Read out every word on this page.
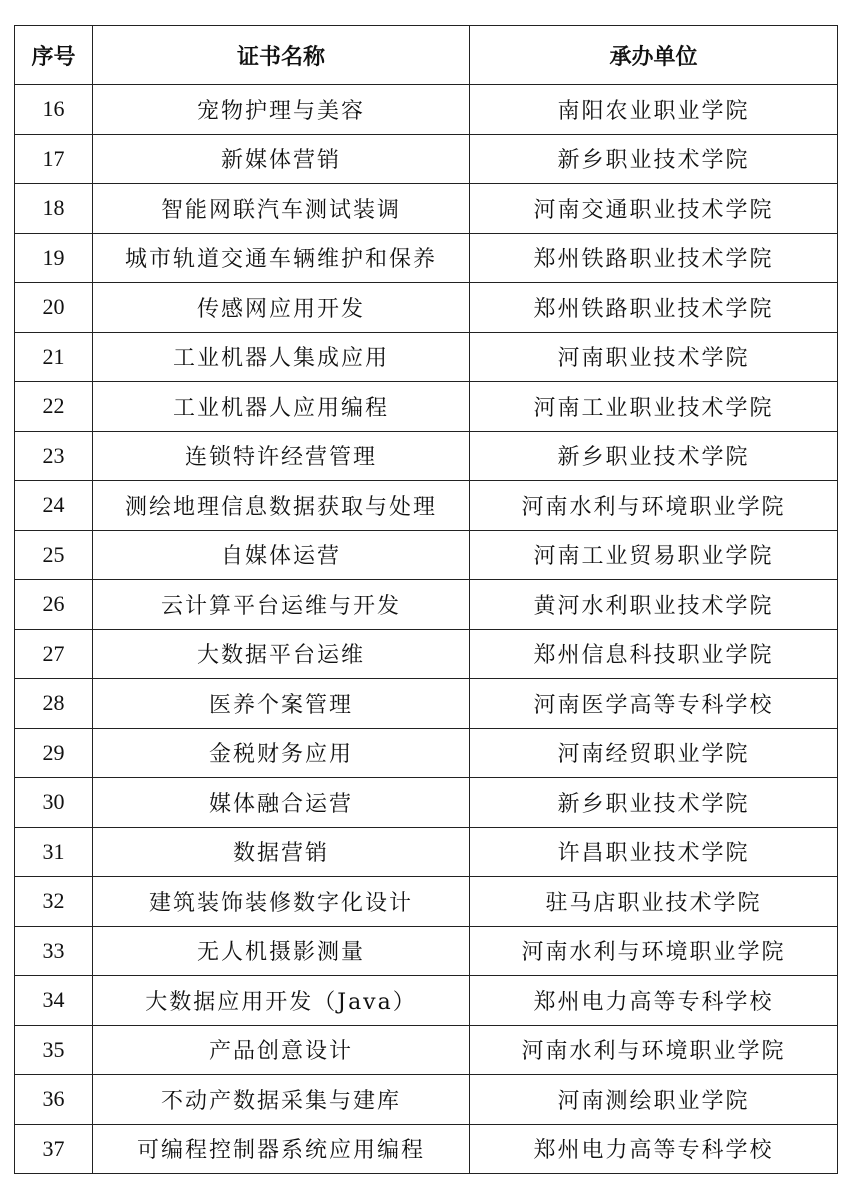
序号	证书名称	承办单位
16	宠物护理与美容	南阳农业职业学院
17	新媒体营销	新乡职业技术学院
18	智能网联汽车测试装调	河南交通职业技术学院
19	城市轨道交通车辆维护和保养	郑州铁路职业技术学院
20	传感网应用开发	郑州铁路职业技术学院
21	工业机器人集成应用	河南职业技术学院
22	工业机器人应用编程	河南工业职业技术学院
23	连锁特许经营管理	新乡职业技术学院
24	测绘地理信息数据获取与处理	河南水利与环境职业学院
25	自媒体运营	河南工业贸易职业学院
26	云计算平台运维与开发	黄河水利职业技术学院
27	大数据平台运维	郑州信息科技职业学院
28	医养个案管理	河南医学高等专科学校
29	金税财务应用	河南经贸职业学院
30	媒体融合运营	新乡职业技术学院
31	数据营销	许昌职业技术学院
32	建筑装饰装修数字化设计	驻马店职业技术学院
33	无人机摄影测量	河南水利与环境职业学院
34	大数据应用开发（Java）	郑州电力高等专科学校
35	产品创意设计	河南水利与环境职业学院
36	不动产数据采集与建库	河南测绘职业学院
37	可编程控制器系统应用编程	郑州电力高等专科学校
